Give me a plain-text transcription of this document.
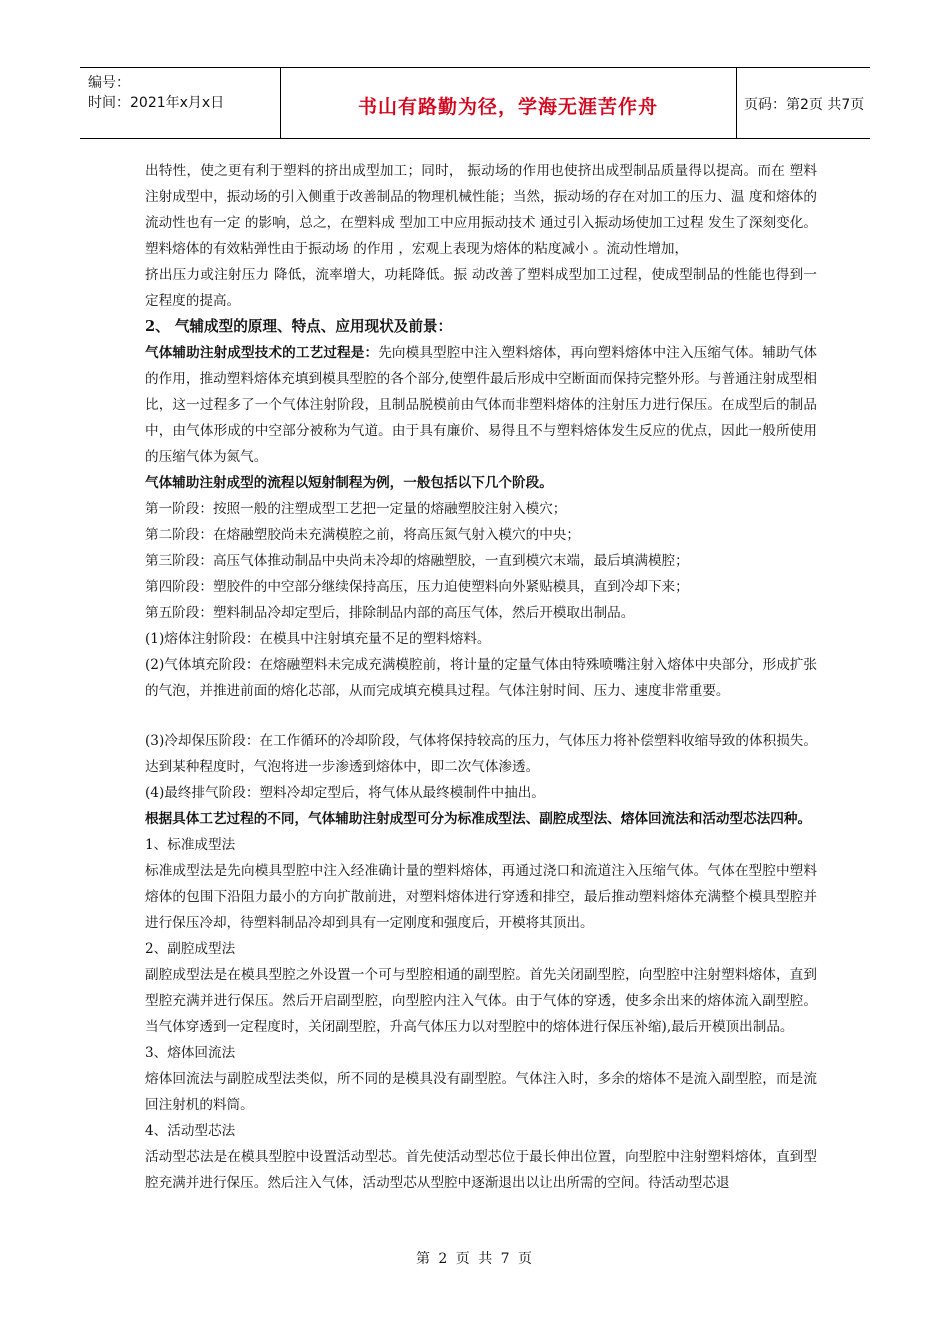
编号：
时间：2021年x月x日	书山有路勤为径，学海无涯苦作舟	页码：第2页 共7页

出特性，使之更有利于塑料的挤出成型加工；同时， 振动场的作用也使挤出成型制品质量得以提高。而在 塑料注射成型中，振动场的引入侧重于改善制品的物理机械性能；当然，振动场的存在对加工的压力、温 度和熔体的流动性也有一定 的影响，总之，在塑料成 型加工中应用振动技术 通过引入振动场使加工过程 发生了深刻变化。塑料熔体的有效粘弹性由于振动场 的作用 ，宏观上表现为熔体的粘度减小 。流动性增加，

挤出压力或注射压力 降低，流率增大，功耗降低。振 动改善了塑料成型加工过程，使成型制品的性能也得到一定程度的提高。

2、 气辅成型的原理、特点、应用现状及前景：

气体辅助注射成型技术的工艺过程是：先向模具型腔中注入塑料熔体，再向塑料熔体中注入压缩气体。辅助气体的作用，推动塑料熔体充填到模具型腔的各个部分,使塑件最后形成中空断面而保持完整外形。与普通注射成型相比，这一过程多了一个气体注射阶段，且制品脱模前由气体而非塑料熔体的注射压力进行保压。在成型后的制品中，由气体形成的中空部分被称为气道。由于具有廉价、易得且不与塑料熔体发生反应的优点，因此一般所使用的压缩气体为氮气。

气体辅助注射成型的流程以短射制程为例，一般包括以下几个阶段。

第一阶段：按照一般的注塑成型工艺把一定量的熔融塑胶注射入模穴；

第二阶段：在熔融塑胶尚未充满模腔之前，将高压氮气射入模穴的中央；

第三阶段：高压气体推动制品中央尚未冷却的熔融塑胶，一直到模穴末端，最后填满模腔；

第四阶段：塑胶件的中空部分继续保持高压，压力迫使塑料向外紧贴模具，直到冷却下来；

第五阶段：塑料制品冷却定型后，排除制品内部的高压气体，然后开模取出制品。

(1)熔体注射阶段：在模具中注射填充量不足的塑料熔料。

(2)气体填充阶段：在熔融塑料未完成充满模腔前，将计量的定量气体由特殊喷嘴注射入熔体中央部分，形成扩张的气泡，并推进前面的熔化芯部，从而完成填充模具过程。气体注射时间、压力、速度非常重要。

(3)冷却保压阶段：在工作循环的冷却阶段，气体将保持较高的压力，气体压力将补偿塑料收缩导致的体积损失。达到某种程度时，气泡将进一步渗透到熔体中，即二次气体渗透。

(4)最终排气阶段：塑料冷却定型后，将气体从最终模制件中抽出。

根据具体工艺过程的不同，气体辅助注射成型可分为标准成型法、副腔成型法、熔体回流法和活动型芯法四种。

1、标准成型法

标准成型法是先向模具型腔中注入经准确计量的塑料熔体，再通过浇口和流道注入压缩气体。气体在型腔中塑料熔体的包围下沿阻力最小的方向扩散前进，对塑料熔体进行穿透和排空，最后推动塑料熔体充满整个模具型腔并进行保压冷却，待塑料制品冷却到具有一定刚度和强度后，开模将其顶出。

2、副腔成型法

副腔成型法是在模具型腔之外设置一个可与型腔相通的副型腔。首先关闭副型腔，向型腔中注射塑料熔体，直到型腔充满并进行保压。然后开启副型腔，向型腔内注入气体。由于气体的穿透，使多余出来的熔体流入副型腔。当气体穿透到一定程度时，关闭副型腔，升高气体压力以对型腔中的熔体进行保压补缩),最后开模顶出制品。

3、熔体回流法

熔体回流法与副腔成型法类似，所不同的是模具没有副型腔。气体注入时，多余的熔体不是流入副型腔，而是流回注射机的料筒。

4、活动型芯法

活动型芯法是在模具型腔中设置活动型芯。首先使活动型芯位于最长伸出位置，向型腔中注射塑料熔体，直到型腔充满并进行保压。然后注入气体，活动型芯从型腔中逐渐退出以让出所需的空间。待活动型芯退

第 2 页 共 7 页
